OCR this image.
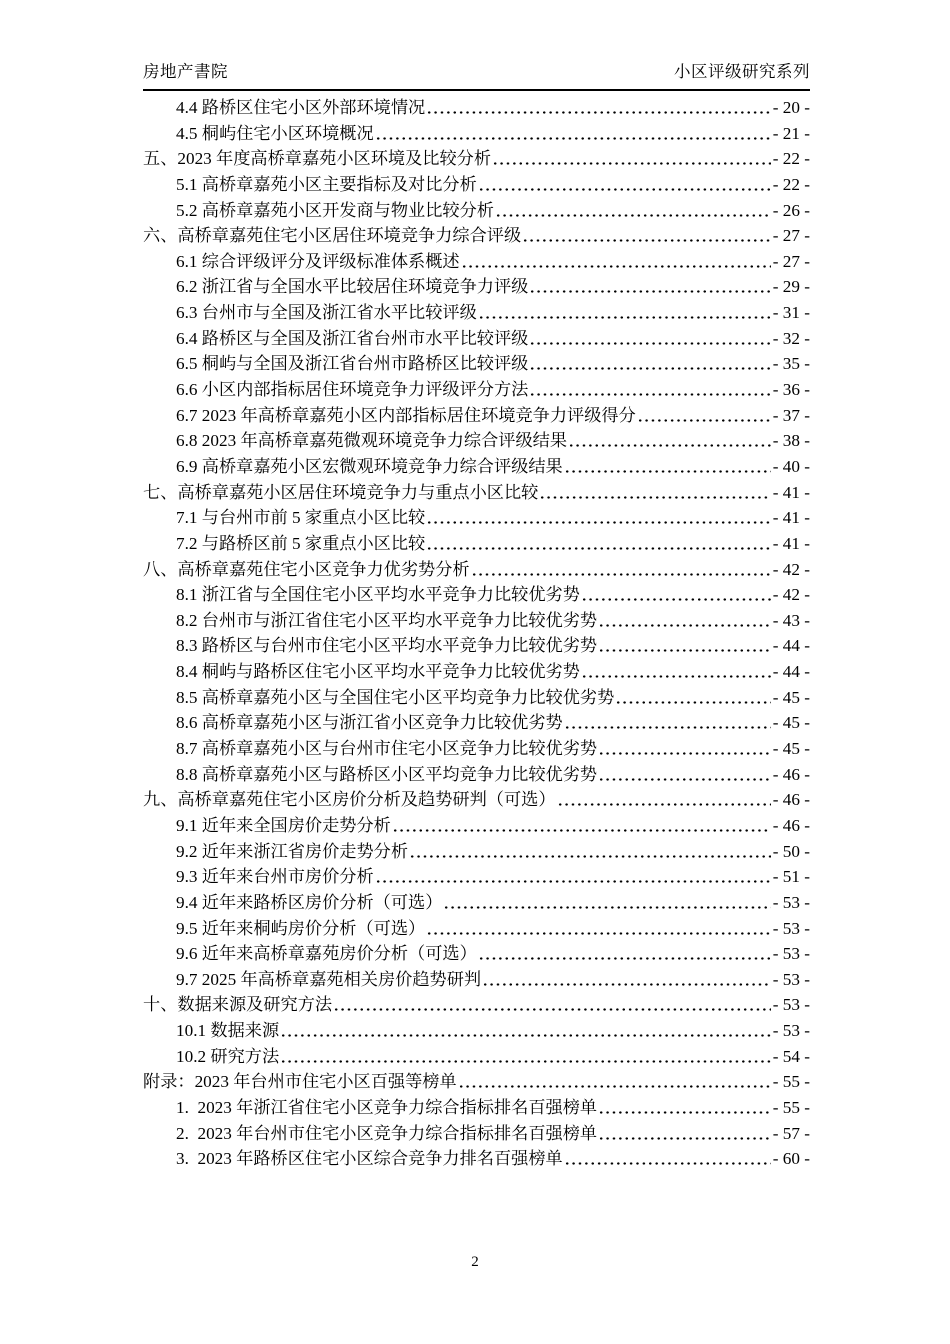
房地产書院	小区评级研究系列
4.4 路桥区住宅小区外部环境情况	- 20 -
4.5 桐屿住宅小区环境概况	- 21 -
五、2023 年度高桥章嘉苑小区环境及比较分析	- 22 -
5.1 高桥章嘉苑小区主要指标及对比分析	- 22 -
5.2 高桥章嘉苑小区开发商与物业比较分析	- 26 -
六、高桥章嘉苑住宅小区居住环境竞争力综合评级	- 27 -
6.1 综合评级评分及评级标准体系概述	- 27 -
6.2 浙江省与全国水平比较居住环境竞争力评级	- 29 -
6.3 台州市与全国及浙江省水平比较评级	- 31 -
6.4 路桥区与全国及浙江省台州市水平比较评级	- 32 -
6.5 桐屿与全国及浙江省台州市路桥区比较评级	- 35 -
6.6 小区内部指标居住环境竞争力评级评分方法	- 36 -
6.7 2023 年高桥章嘉苑小区内部指标居住环境竞争力评级得分	- 37 -
6.8 2023 年高桥章嘉苑微观环境竞争力综合评级结果	- 38 -
6.9 高桥章嘉苑小区宏微观环境竞争力综合评级结果	- 40 -
七、高桥章嘉苑小区居住环境竞争力与重点小区比较	- 41 -
7.1 与台州市前 5 家重点小区比较	- 41 -
7.2 与路桥区前 5 家重点小区比较	- 41 -
八、高桥章嘉苑住宅小区竞争力优劣势分析	- 42 -
8.1 浙江省与全国住宅小区平均水平竞争力比较优劣势	- 42 -
8.2 台州市与浙江省住宅小区平均水平竞争力比较优劣势	- 43 -
8.3 路桥区与台州市住宅小区平均水平竞争力比较优劣势	- 44 -
8.4 桐屿与路桥区住宅小区平均水平竞争力比较优劣势	- 44 -
8.5 高桥章嘉苑小区与全国住宅小区平均竞争力比较优劣势	- 45 -
8.6 高桥章嘉苑小区与浙江省小区竞争力比较优劣势	- 45 -
8.7 高桥章嘉苑小区与台州市住宅小区竞争力比较优劣势	- 45 -
8.8 高桥章嘉苑小区与路桥区小区平均竞争力比较优劣势	- 46 -
九、高桥章嘉苑住宅小区房价分析及趋势研判（可选）	- 46 -
9.1 近年来全国房价走势分析	- 46 -
9.2 近年来浙江省房价走势分析	- 50 -
9.3 近年来台州市房价分析	- 51 -
9.4 近年来路桥区房价分析（可选）	- 53 -
9.5 近年来桐屿房价分析（可选）	- 53 -
9.6 近年来高桥章嘉苑房价分析（可选）	- 53 -
9.7 2025 年高桥章嘉苑相关房价趋势研判	- 53 -
十、数据来源及研究方法	- 53 -
10.1 数据来源	- 53 -
10.2 研究方法	- 54 -
附录：2023 年台州市住宅小区百强等榜单	- 55 -
1.  2023 年浙江省住宅小区竞争力综合指标排名百强榜单	- 55 -
2.  2023 年台州市住宅小区竞争力综合指标排名百强榜单	- 57 -
3.  2023 年路桥区住宅小区综合竞争力排名百强榜单	- 60 -
2
